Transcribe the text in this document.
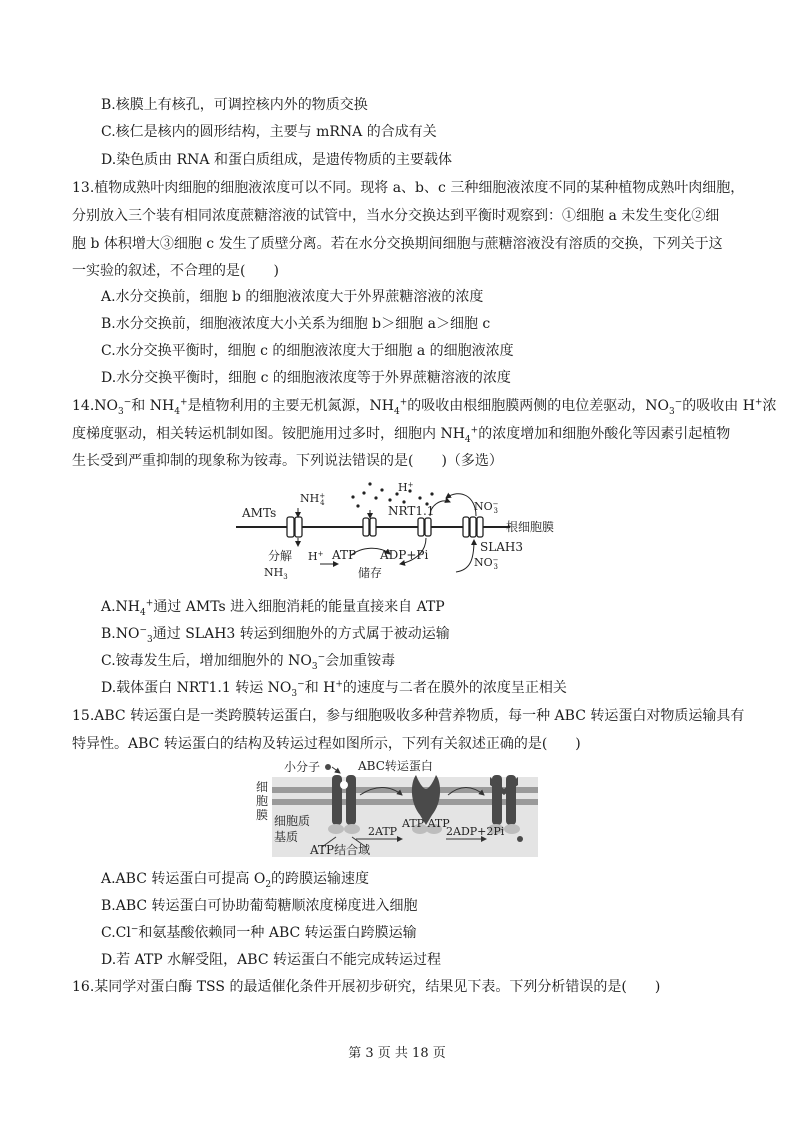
B.核膜上有核孔，可调控核内外的物质交换
C.核仁是核内的圆形结构，主要与 mRNA 的合成有关
D.染色质由 RNA 和蛋白质组成，是遗传物质的主要载体
13.植物成熟叶肉细胞的细胞液浓度可以不同。现将 a、b、c 三种细胞液浓度不同的某种植物成熟叶肉细胞，
分别放入三个装有相同浓度蔗糖溶液的试管中，当水分交换达到平衡时观察到：①细胞 a 未发生变化②细
胞 b 体积增大③细胞 c 发生了质壁分离。若在水分交换期间细胞与蔗糖溶液没有溶质的交换，下列关于这
一实验的叙述，不合理的是(　　)
A.水分交换前，细胞 b 的细胞液浓度大于外界蔗糖溶液的浓度
B.水分交换前，细胞液浓度大小关系为细胞 b＞细胞 a＞细胞 c
C.水分交换平衡时，细胞 c 的细胞液浓度大于细胞 a 的细胞液浓度
D.水分交换平衡时，细胞 c 的细胞液浓度等于外界蔗糖溶液的浓度
$14.NO_3^-$和 $NH_4^+$是植物利用的主要无机氮源，$NH_4^+$的吸收由根细胞膜两侧的电位差驱动，$NO_3^-$的吸收由 H+浓
度梯度驱动，相关转运机制如图。铵肥施用过多时，细胞内 $NH_4^+$的浓度增加和细胞外酸化等因素引起植物
生长受到严重抑制的现象称为铵毒。下列说法错误的是(　　)（多选）
AMTs
NH+ 4
H+
NRT1.1	NO− 3
根细胞膜
分解 H+
$NH_3$
ATP ADP+Pi
SLAH3
NO− 3
储存
$A.NH_4^+$通过 AMTs 进入细胞消耗的能量直接来自 ATP
$B.NO^-_3$通过 SLAH3 转运到细胞外的方式属于被动运输
C.铵毒发生后，增加细胞外的 $NO_3^-$会加重铵毒
D.载体蛋白 NRT1.1 转运 $NO_3^-$和 H+的速度与二者在膜外的浓度呈正相关
15.ABC 转运蛋白是一类跨膜转运蛋白，参与细胞吸收多种营养物质，每一种 ABC 转运蛋白对物质运输具有
特异性。ABC 转运蛋白的结构及转运过程如图所示，下列有关叙述正确的是(　　)
小分子	ABC转运蛋白
细
胞
膜 细胞质
基质	2ATP
ATP ATP
2ADP+2Pi
ATP结合域
A.ABC 转运蛋白可提高 $O_2$的跨膜运输速度
B.ABC 转运蛋白可协助葡萄糖顺浓度梯度进入细胞
C.Cl−和氨基酸依赖同一种 ABC 转运蛋白跨膜运输
D.若 ATP 水解受阻，ABC 转运蛋白不能完成转运过程
16.某同学对蛋白酶 TSS 的最适催化条件开展初步研究，结果见下表。下列分析错误的是(　　)
第 3 页 共 18 页
